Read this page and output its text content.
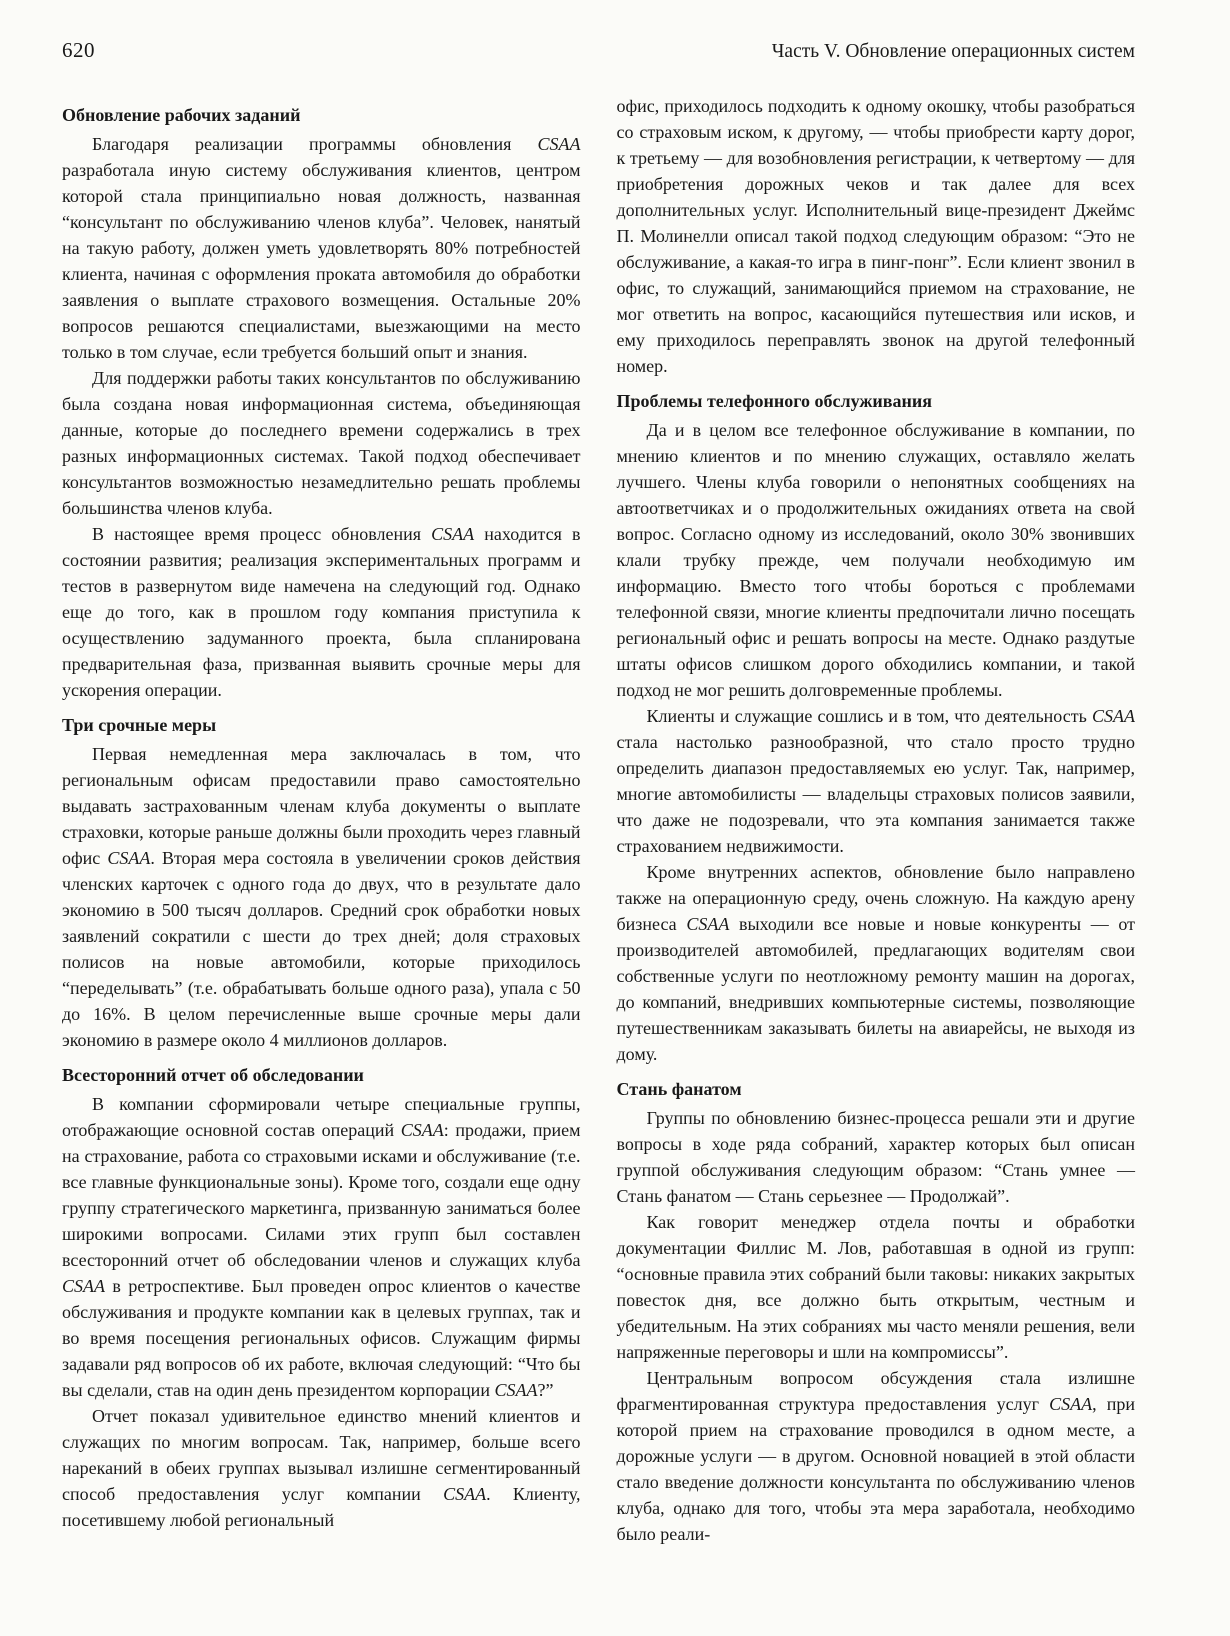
620	Часть V. Обновление операционных систем
Обновление рабочих заданий

Благодаря реализации программы обновления CSAA разработала иную систему обслуживания клиентов, центром которой стала принципиально новая должность, названная “консультант по обслуживанию членов клуба”. Человек, нанятый на такую работу, должен уметь удовлетворять 80% потребностей клиента, начиная с оформления проката автомобиля до обработки заявления о выплате страхового возмещения. Остальные 20% вопросов решаются специалистами, выезжающими на место только в том случае, если требуется больший опыт и знания.

Для поддержки работы таких консультантов по обслуживанию была создана новая информационная система, объединяющая данные, которые до последнего времени содержались в трех разных информационных системах. Такой подход обеспечивает консультантов возможностью незамедлительно решать проблемы большинства членов клуба.

В настоящее время процесс обновления CSAA находится в состоянии развития; реализация экспериментальных программ и тестов в развернутом виде намечена на следующий год. Однако еще до того, как в прошлом году компания приступила к осуществлению задуманного проекта, была спланирована предварительная фаза, призванная выявить срочные меры для ускорения операции.

Три срочные меры

Первая немедленная мера заключалась в том, что региональным офисам предоставили право самостоятельно выдавать застрахованным членам клуба документы о выплате страховки, которые раньше должны были проходить через главный офис CSAA. Вторая мера состояла в увеличении сроков действия членских карточек с одного года до двух, что в результате дало экономию в 500 тысяч долларов. Средний срок обработки новых заявлений сократили с шести до трех дней; доля страховых полисов на новые автомобили, которые приходилось “переделывать” (т.е. обрабатывать больше одного раза), упала с 50 до 16%. В целом перечисленные выше срочные меры дали экономию в размере около 4 миллионов долларов.

Всесторонний отчет об обследовании

В компании сформировали четыре специальные группы, отображающие основной состав операций CSAA: продажи, прием на страхование, работа со страховыми исками и обслуживание (т.е. все главные функциональные зоны). Кроме того, создали еще одну группу стратегического маркетинга, призванную заниматься более широкими вопросами. Силами этих групп был составлен всесторонний отчет об обследовании членов и служащих клуба CSAA в ретроспективе. Был проведен опрос клиентов о качестве обслуживания и продукте компании как в целевых группах, так и во время посещения региональных офисов. Служащим фирмы задавали ряд вопросов об их работе, включая следующий: “Что бы вы сделали, став на один день президентом корпорации CSAA?”

Отчет показал удивительное единство мнений клиентов и служащих по многим вопросам. Так, например, больше всего нареканий в обеих группах вызывал излишне сегментированный способ предоставления услуг компании CSAA. Клиенту, посетившему любой региональный

офис, приходилось подходить к одному окошку, чтобы разобраться со страховым иском, к другому, — чтобы приобрести карту дорог, к третьему — для возобновления регистрации, к четвертому — для приобретения дорожных чеков и так далее для всех дополнительных услуг. Исполнительный вице-президент Джеймс П. Молинелли описал такой подход следующим образом: “Это не обслуживание, а какая-то игра в пинг-понг”. Если клиент звонил в офис, то служащий, занимающийся приемом на страхование, не мог ответить на вопрос, касающийся путешествия или исков, и ему приходилось переправлять звонок на другой телефонный номер.

Проблемы телефонного обслуживания

Да и в целом все телефонное обслуживание в компании, по мнению клиентов и по мнению служащих, оставляло желать лучшего. Члены клуба говорили о непонятных сообщениях на автоответчиках и о продолжительных ожиданиях ответа на свой вопрос. Согласно одному из исследований, около 30% звонивших клали трубку прежде, чем получали необходимую им информацию. Вместо того чтобы бороться с проблемами телефонной связи, многие клиенты предпочитали лично посещать региональный офис и решать вопросы на месте. Однако раздутые штаты офисов слишком дорого обходились компании, и такой подход не мог решить долговременные проблемы.

Клиенты и служащие сошлись и в том, что деятельность CSAA стала настолько разнообразной, что стало просто трудно определить диапазон предоставляемых ею услуг. Так, например, многие автомобилисты — владельцы страховых полисов заявили, что даже не подозревали, что эта компания занимается также страхованием недвижимости.

Кроме внутренних аспектов, обновление было направлено также на операционную среду, очень сложную. На каждую арену бизнеса CSAA выходили все новые и новые конкуренты — от производителей автомобилей, предлагающих водителям свои собственные услуги по неотложному ремонту машин на дорогах, до компаний, внедривших компьютерные системы, позволяющие путешественникам заказывать билеты на авиарейсы, не выходя из дому.

Стань фанатом

Группы по обновлению бизнес-процесса решали эти и другие вопросы в ходе ряда собраний, характер которых был описан группой обслуживания следующим образом: “Стань умнее — Стань фанатом — Стань серьезнее — Продолжай”.

Как говорит менеджер отдела почты и обработки документации Филлис М. Лов, работавшая в одной из групп: “основные правила этих собраний были таковы: никаких закрытых повесток дня, все должно быть открытым, честным и убедительным. На этих собраниях мы часто меняли решения, вели напряженные переговоры и шли на компромиссы”.

Центральным вопросом обсуждения стала излишне фрагментированная структура предоставления услуг CSAA, при которой прием на страхование проводился в одном месте, а дорожные услуги — в другом. Основной новацией в этой области стало введение должности консультанта по обслуживанию членов клуба, однако для того, чтобы эта мера заработала, необходимо было реали-
